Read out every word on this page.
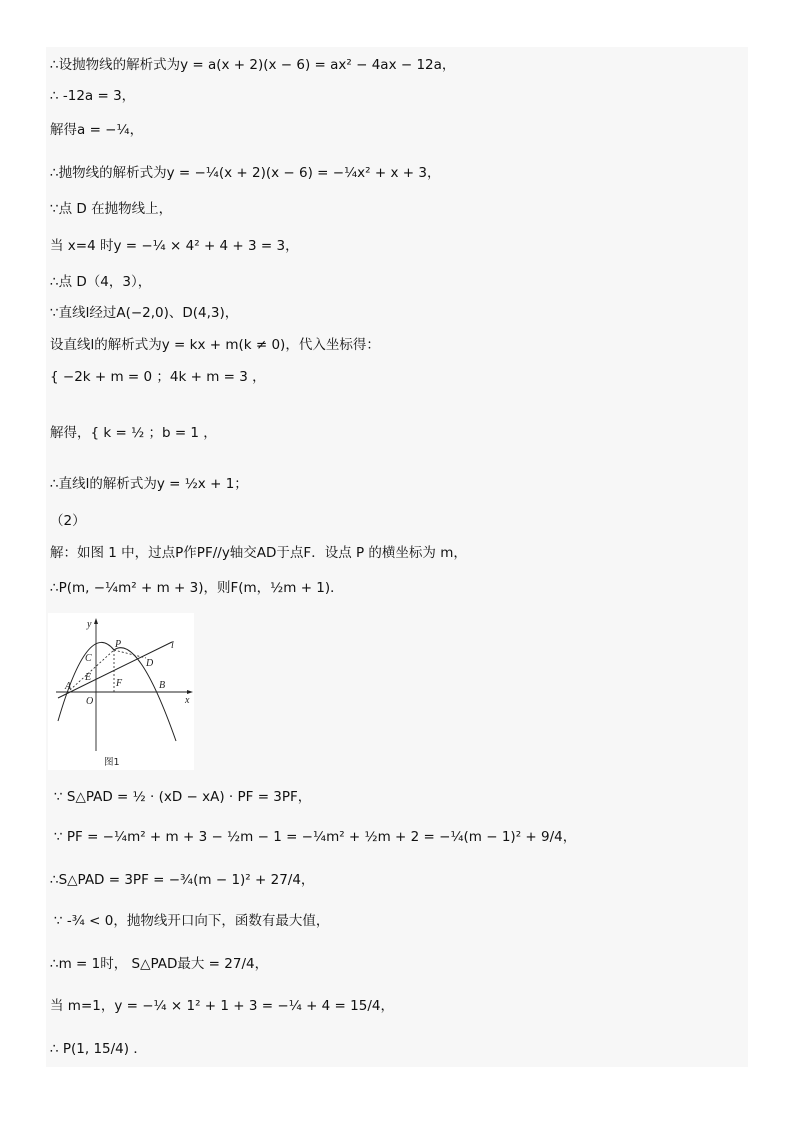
∴设抛物线的解析式为y = a(x + 2)(x − 6) = ax² − 4ax − 12a，
∴ -12a = 3，
解得a = −¼，
∴抛物线的解析式为y = −¼(x + 2)(x − 6) = −¼x² + x + 3，
∵点 D 在抛物线上，
当 x=4 时y = −¼ × 4² + 4 + 3 = 3，
∴点 D（4，3），
∵直线l经过A(−2,0)、D(4,3)，
设直线l的解析式为y = kx + m(k ≠ 0)，代入坐标得：
{ −2k + m = 0 ；4k + m = 3 ，
解得，{ k = ½ ；b = 1 ，
∴直线l的解析式为y = ½x + 1；
（2）
解：如图 1 中，过点P作PF//y轴交AD于点F．设点 P 的横坐标为 m，
∴P(m, −¼m² + m + 3)，则F(m，½m + 1)．
∵ S△PAD = ½ · (xD − xA) · PF = 3PF，
∵ PF = −¼m² + m + 3 − ½m − 1 = −¼m² + ½m + 2 = −¼(m − 1)² + 9/4，
∴S△PAD = 3PF = −¾(m − 1)² + 27/4，
∵ -¾ < 0，抛物线开口向下，函数有最大值，
∴m = 1时， S△PAD最大 = 27/4，
当 m=1，y = −¼ × 1² + 1 + 3 = −¼ + 4 = 15/4，
∴ P(1, 15/4) ．
y
x
O
A	B
C	D
E
F
P	l
图1
